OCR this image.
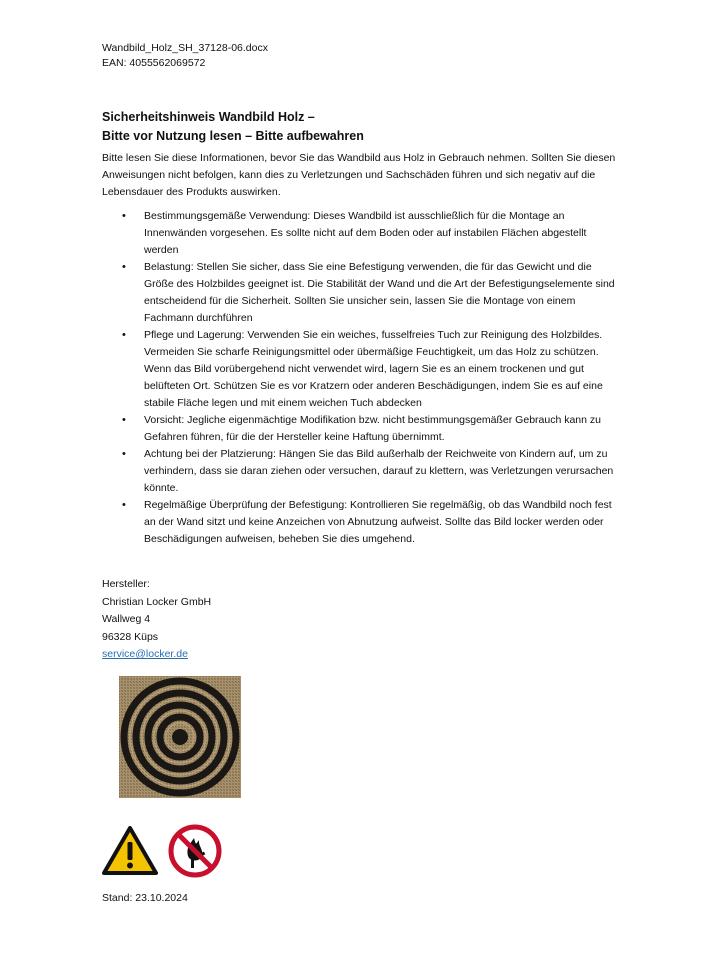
Wandbild_Holz_SH_37128-06.docx
EAN: 4055562069572
Sicherheitshinweis Wandbild Holz –
Bitte vor Nutzung lesen – Bitte aufbewahren
Bitte lesen Sie diese Informationen, bevor Sie das Wandbild aus Holz in Gebrauch nehmen. Sollten Sie diesen Anweisungen nicht befolgen, kann dies zu Verletzungen und Sachschäden führen und sich negativ auf die Lebensdauer des Produkts auswirken.
• Bestimmungsgemäße Verwendung: Dieses Wandbild ist ausschließlich für die Montage an Innenwänden vorgesehen. Es sollte nicht auf dem Boden oder auf instabilen Flächen abgestellt werden
• Belastung: Stellen Sie sicher, dass Sie eine Befestigung verwenden, die für das Gewicht und die Größe des Holzbildes geeignet ist. Die Stabilität der Wand und die Art der Befestigungselemente sind entscheidend für die Sicherheit. Sollten Sie unsicher sein, lassen Sie die Montage von einem Fachmann durchführen
• Pflege und Lagerung: Verwenden Sie ein weiches, fusselfreies Tuch zur Reinigung des Holzbildes. Vermeiden Sie scharfe Reinigungsmittel oder übermäßige Feuchtigkeit, um das Holz zu schützen. Wenn das Bild vorübergehend nicht verwendet wird, lagern Sie es an einem trockenen und gut belüfteten Ort. Schützen Sie es vor Kratzern oder anderen Beschädigungen, indem Sie es auf eine stabile Fläche legen und mit einem weichen Tuch abdecken
• Vorsicht: Jegliche eigenmächtige Modifikation bzw. nicht bestimmungsgemäßer Gebrauch kann zu Gefahren führen, für die der Hersteller keine Haftung übernimmt.
• Achtung bei der Platzierung: Hängen Sie das Bild außerhalb der Reichweite von Kindern auf, um zu verhindern, dass sie daran ziehen oder versuchen, darauf zu klettern, was Verletzungen verursachen könnte.
• Regelmäßige Überprüfung der Befestigung: Kontrollieren Sie regelmäßig, ob das Wandbild noch fest an der Wand sitzt und keine Anzeichen von Abnutzung aufweist. Sollte das Bild locker werden oder Beschädigungen aufweisen, beheben Sie dies umgehend.
Hersteller:
Christian Locker GmbH
Wallweg 4
96328 Küps
service@locker.de
Stand: 23.10.2024
